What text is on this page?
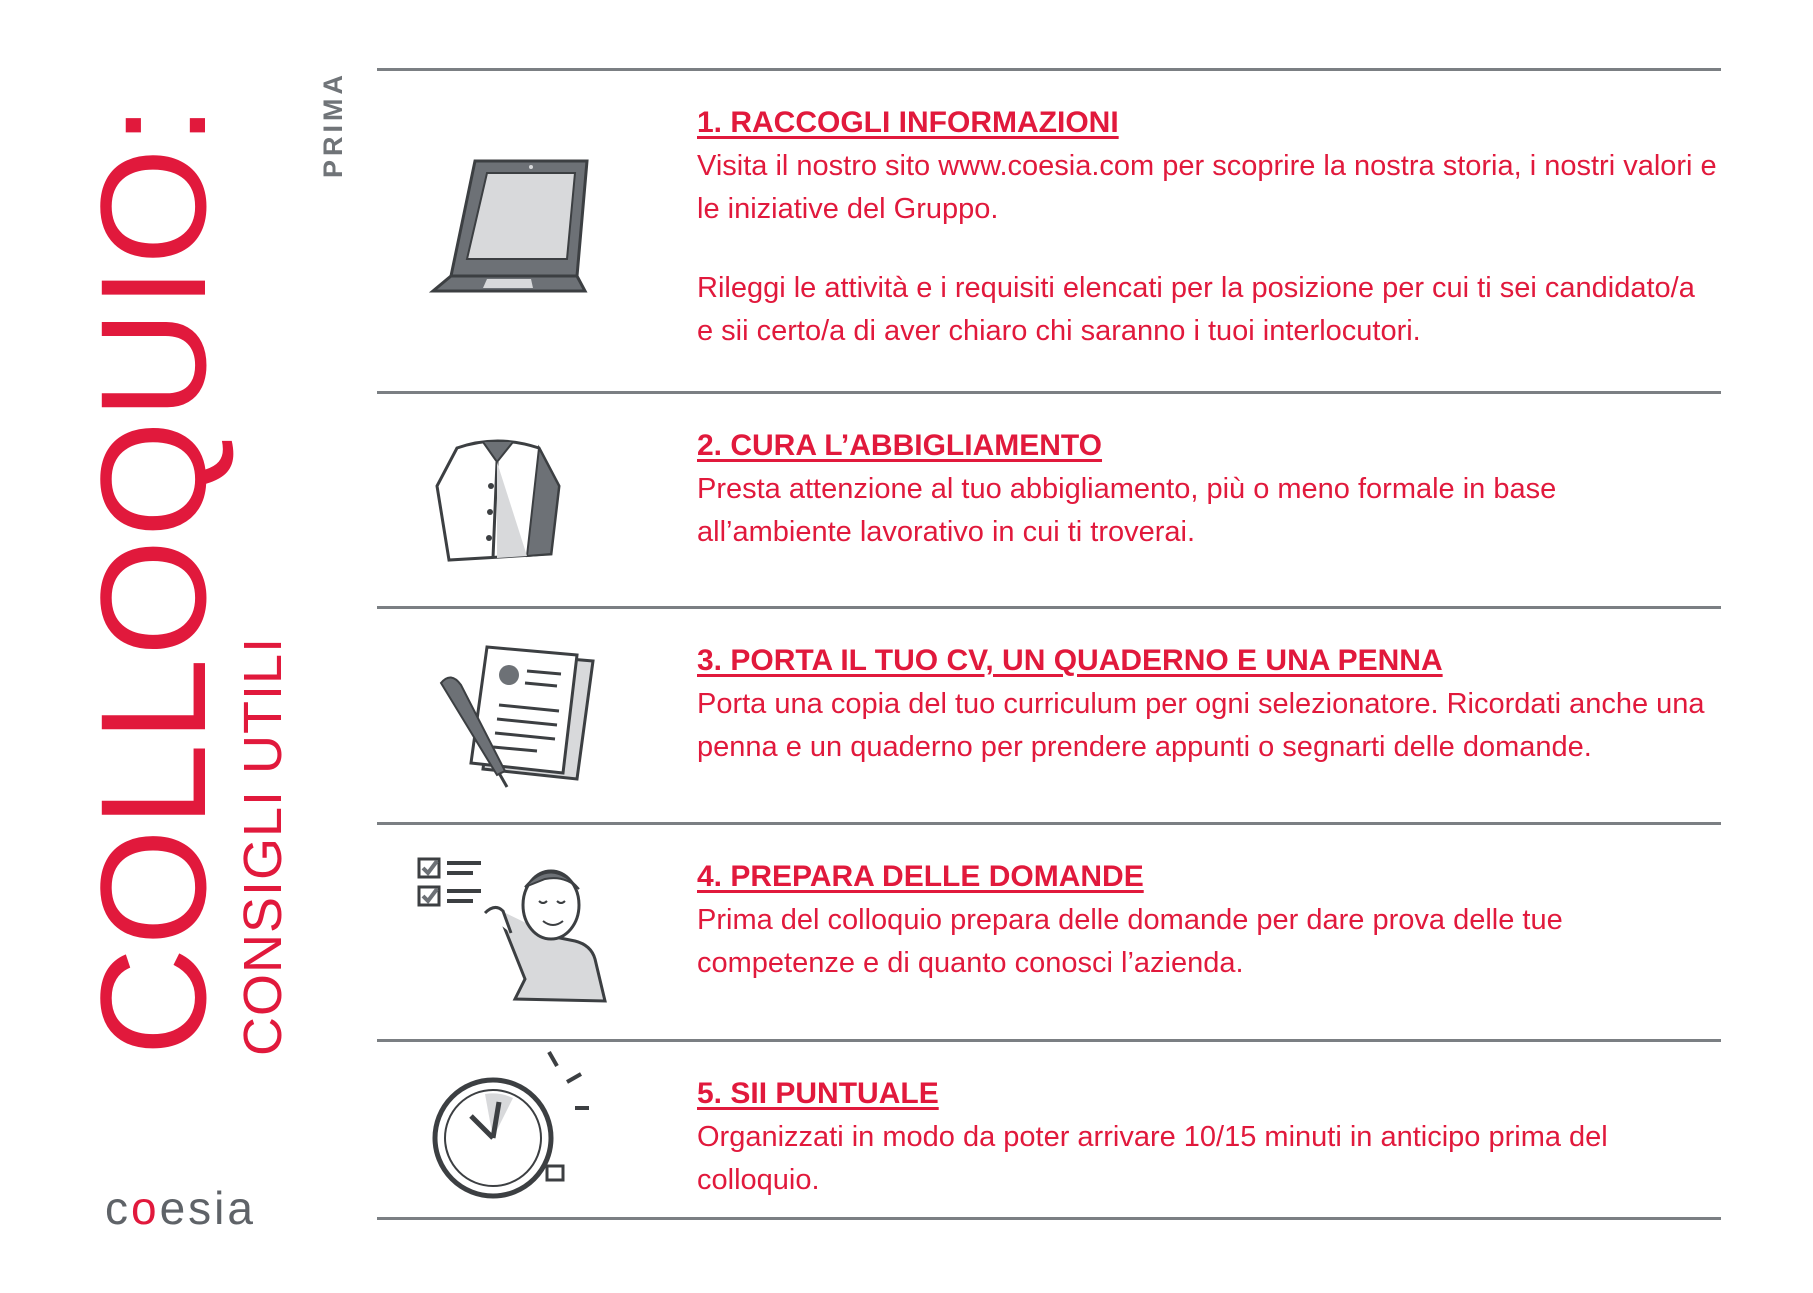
COLLOQUIO:
CONSIGLI UTILI
PRIMA
coesia
1. RACCOGLI INFORMAZIONI

Visita il nostro sito www.coesia.com per scoprire la nostra storia, i nostri valori e le iniziative del Gruppo.

Rileggi le attività e i requisiti elencati per la posizione per cui ti sei candidato/a e sii certo/a di aver chiaro chi saranno i tuoi interlocutori.

2. CURA L’ABBIGLIAMENTO

Presta attenzione al tuo abbigliamento, più o meno formale in base all’ambiente lavorativo in cui ti troverai.

3. PORTA IL TUO CV, UN QUADERNO E UNA PENNA

Porta una copia del tuo curriculum per ogni selezionatore. Ricordati anche una penna e un quaderno per prendere appunti o segnarti delle domande.

4. PREPARA DELLE DOMANDE

Prima del colloquio prepara delle domande per dare prova delle tue competenze e di quanto conosci l’azienda.

5. SII PUNTUALE

Organizzati in modo da poter arrivare 10/15 minuti in anticipo prima del colloquio.
